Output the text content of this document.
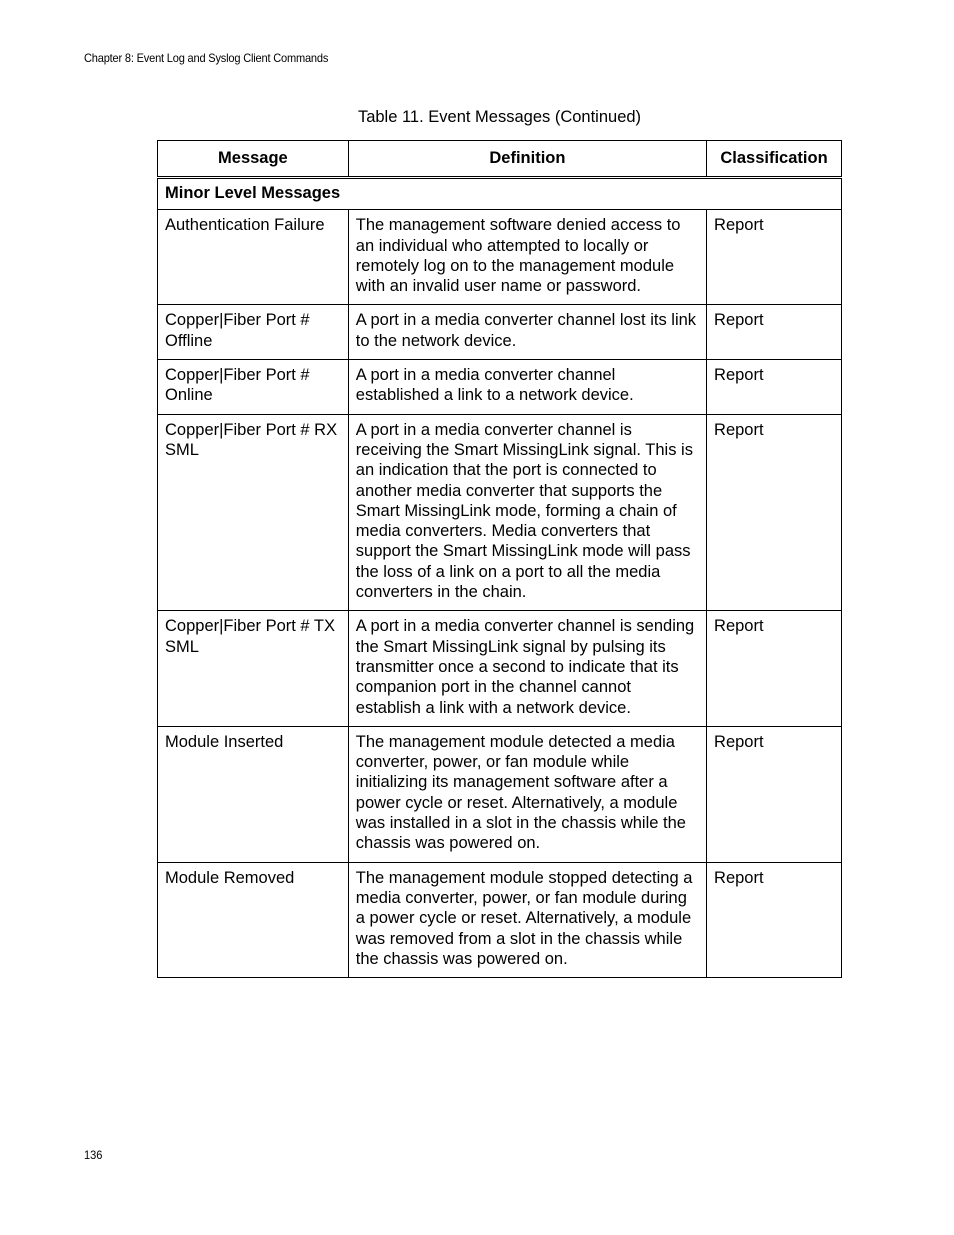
Chapter 8: Event Log and Syslog Client Commands
Table 11. Event Messages (Continued)
Message	Definition	Classification
Minor Level Messages		
Authentication Failure	The management software denied access to an individual who attempted to locally or remotely log on to the management module with an invalid user name or password.	Report
Copper|Fiber Port # Offline	A port in a media converter channel lost its link to the network device.	Report
Copper|Fiber Port # Online	A port in a media converter channel established a link to a network device.	Report
Copper|Fiber Port # RX SML	A port in a media converter channel is receiving the Smart MissingLink signal. This is an indication that the port is connected to another media converter that supports the Smart MissingLink mode, forming a chain of media converters. Media converters that support the Smart MissingLink mode will pass the loss of a link on a port to all the media converters in the chain.	Report
Copper|Fiber Port # TX SML	A port in a media converter channel is sending the Smart MissingLink signal by pulsing its transmitter once a second to indicate that its companion port in the channel cannot establish a link with a network device.	Report
Module Inserted	The management module detected a media converter, power, or fan module while initializing its management software after a power cycle or reset. Alternatively, a module was installed in a slot in the chassis while the chassis was powered on.	Report
Module Removed	The management module stopped detecting a media converter, power, or fan module during a power cycle or reset. Alternatively, a module was removed from a slot in the chassis while the chassis was powered on.	Report
136
